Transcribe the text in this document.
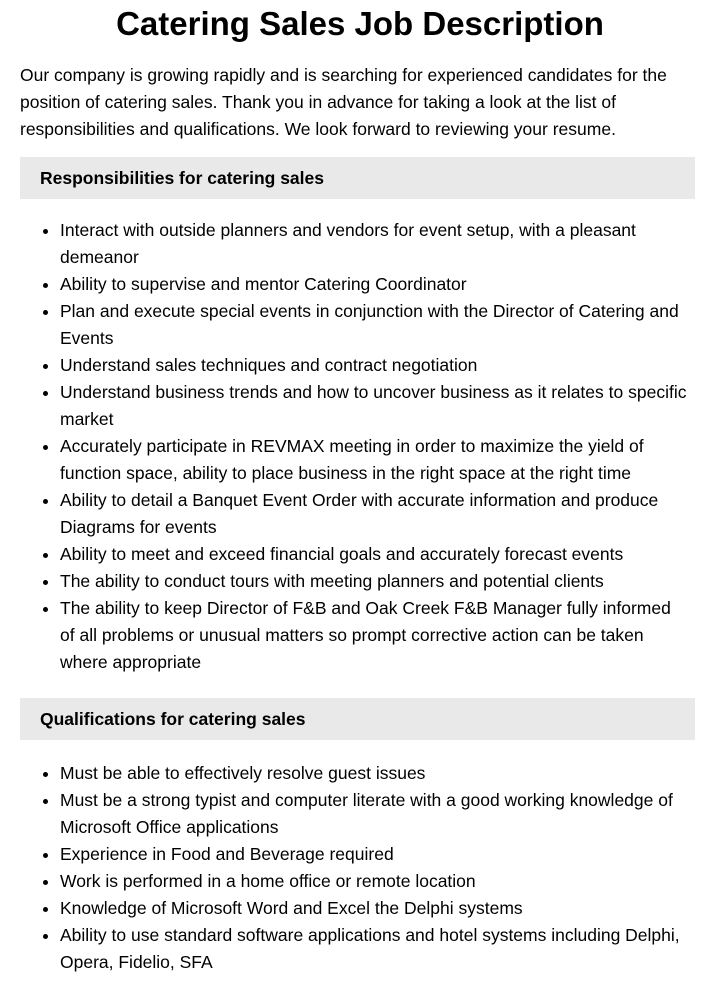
Catering Sales Job Description

Our company is growing rapidly and is searching for experienced candidates for the position of catering sales. Thank you in advance for taking a look at the list of responsibilities and qualifications. We look forward to reviewing your resume.

Responsibilities for catering sales
• Interact with outside planners and vendors for event setup, with a pleasant demeanor
• Ability to supervise and mentor Catering Coordinator
• Plan and execute special events in conjunction with the Director of Catering and Events
• Understand sales techniques and contract negotiation
• Understand business trends and how to uncover business as it relates to specific market
• Accurately participate in REVMAX meeting in order to maximize the yield of function space, ability to place business in the right space at the right time
• Ability to detail a Banquet Event Order with accurate information and produce Diagrams for events
• Ability to meet and exceed financial goals and accurately forecast events
• The ability to conduct tours with meeting planners and potential clients
• The ability to keep Director of F&B and Oak Creek F&B Manager fully informed of all problems or unusual matters so prompt corrective action can be taken where appropriate
Qualifications for catering sales
• Must be able to effectively resolve guest issues
• Must be a strong typist and computer literate with a good working knowledge of Microsoft Office applications
• Experience in Food and Beverage required
• Work is performed in a home office or remote location
• Knowledge of Microsoft Word and Excel the Delphi systems
• Ability to use standard software applications and hotel systems including Delphi, Opera, Fidelio, SFA
